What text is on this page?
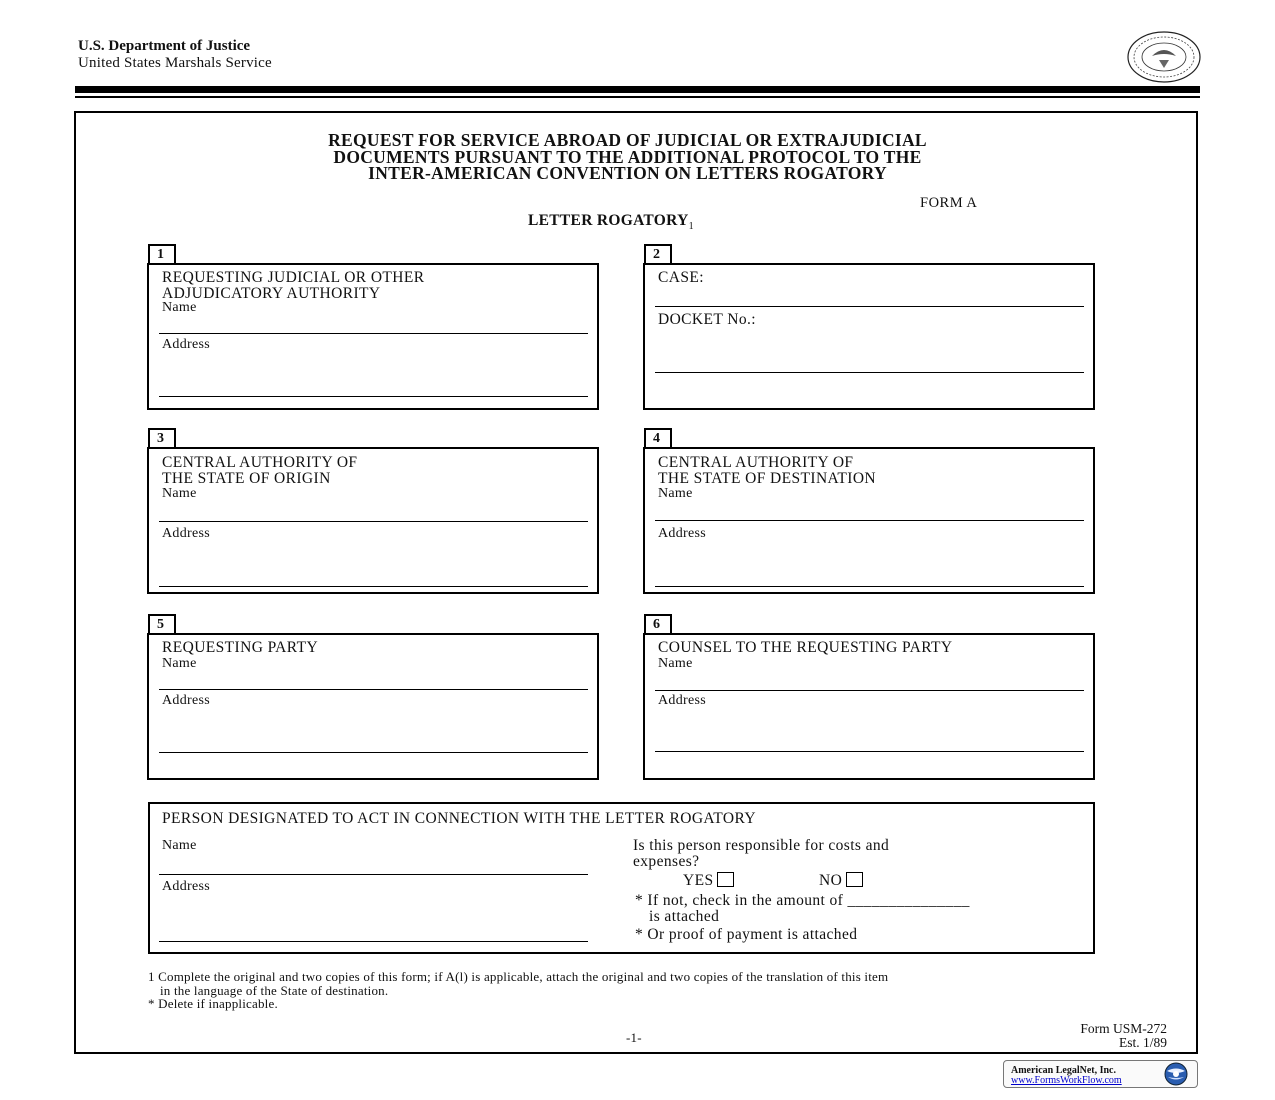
U.S. Department of Justice
United States Marshals Service
REQUEST FOR SERVICE ABROAD OF JUDICIAL OR EXTRAJUDICIAL
DOCUMENTS PURSUANT TO THE ADDITIONAL PROTOCOL TO THE
INTER-AMERICAN CONVENTION ON LETTERS ROGATORY
FORM A
LETTER $ROGATORY_1$
1
REQUESTING JUDICIAL OR OTHER
ADJUDICATORY AUTHORITY
Name
Address
2
CASE:
DOCKET No.:
3
CENTRAL AUTHORITY OF
THE STATE OF ORIGIN
Name
Address
4
CENTRAL AUTHORITY OF
THE STATE OF DESTINATION
Name
Address
5
REQUESTING PARTY
Name
Address
6
COUNSEL TO THE REQUESTING PARTY
Name
Address
PERSON DESIGNATED TO ACT IN CONNECTION WITH THE LETTER ROGATORY
Name
Address
Is this person responsible for costs and
expenses?
YES	NO
* If not, check in the amount of _______________
is attached
* Or proof of payment is attached
1 Complete the original and two copies of this form; if A(l) is applicable, attach the original and two copies of the translation of this item
in the language of the State of destination.
* Delete if inapplicable.
-1-
Form USM-272
Est. 1/89
American LegalNet, Inc.
www.FormsWorkFlow.com
